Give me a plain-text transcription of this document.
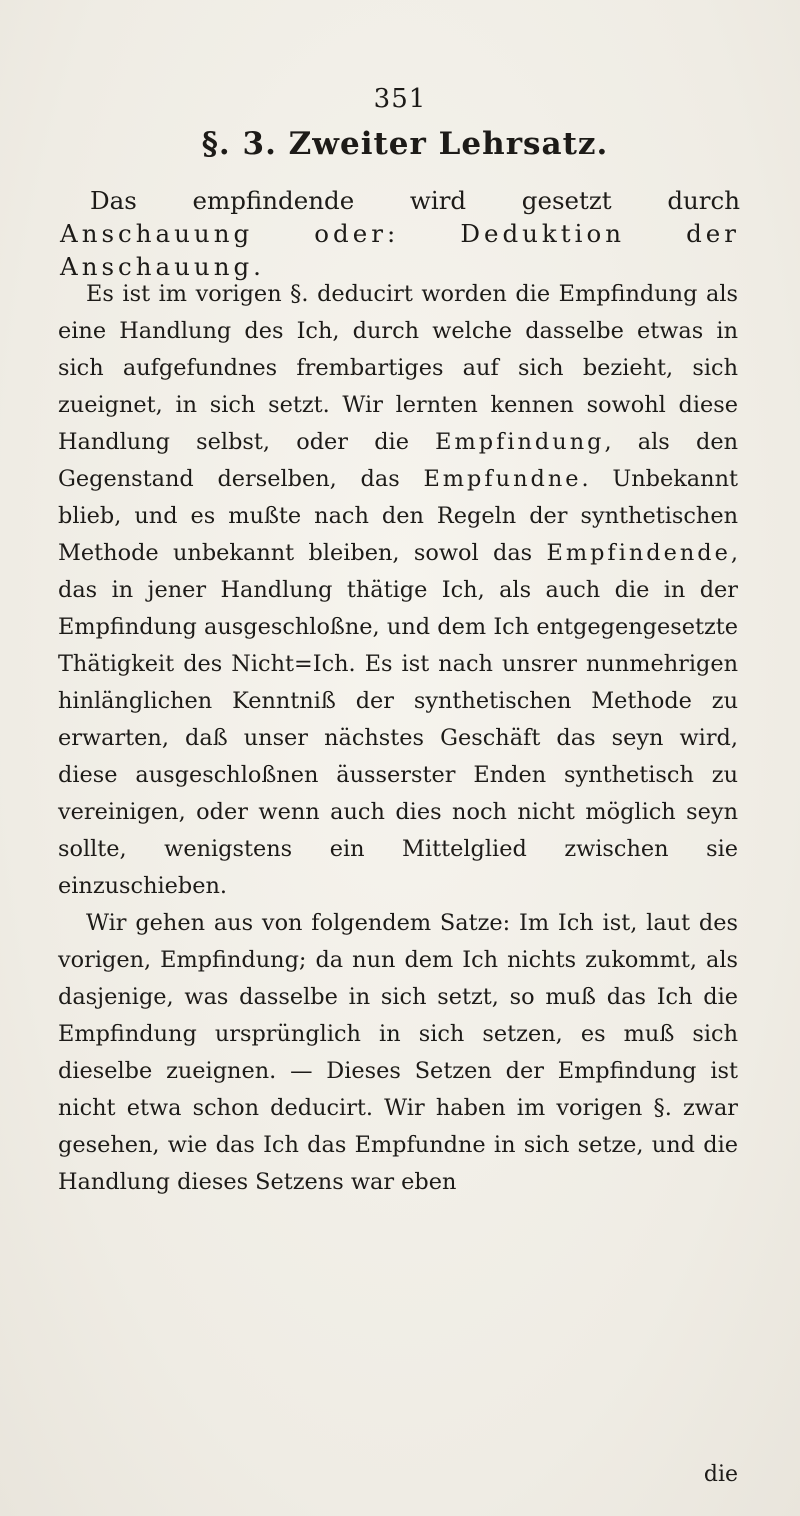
351
§. 3. Zweiter Lehrsatz.
Das empfindende wird gesetzt durch Anschauung oder: Deduktion der Anschauung.

Es ist im vorigen §. deducirt worden die Empfindung als eine Handlung des Ich, durch welche dasselbe etwas in sich aufgefundnes frembartiges auf sich bezieht, sich zueignet, in sich setzt. Wir lernten kennen sowohl diese Handlung selbst, oder die Empfindung, als den Gegenstand derselben, das Empfundne. Unbekannt blieb, und es mußte nach den Regeln der synthetischen Methode unbekannt bleiben, sowol das Empfindende, das in jener Handlung thätige Ich, als auch die in der Empfindung ausgeschloßne, und dem Ich entgegengesetzte Thätigkeit des Nicht=Ich. Es ist nach unsrer nunmehrigen hinlänglichen Kenntniß der synthetischen Methode zu erwarten, daß unser nächstes Geschäft das seyn wird, diese ausgeschloßnen äusserster Enden synthetisch zu vereinigen, oder wenn auch dies noch nicht möglich seyn sollte, wenigstens ein Mittelglied zwischen sie einzuschieben.

Wir gehen aus von folgendem Satze: Im Ich ist, laut des vorigen, Empfindung; da nun dem Ich nichts zukommt, als dasjenige, was dasselbe in sich setzt, so muß das Ich die Empfindung ursprünglich in sich setzen, es muß sich dieselbe zueignen. — Dieses Setzen der Empfindung ist nicht etwa schon deducirt. Wir haben im vorigen §. zwar gesehen, wie das Ich das Empfundne in sich setze, und die Handlung dieses Setzens war eben

die
